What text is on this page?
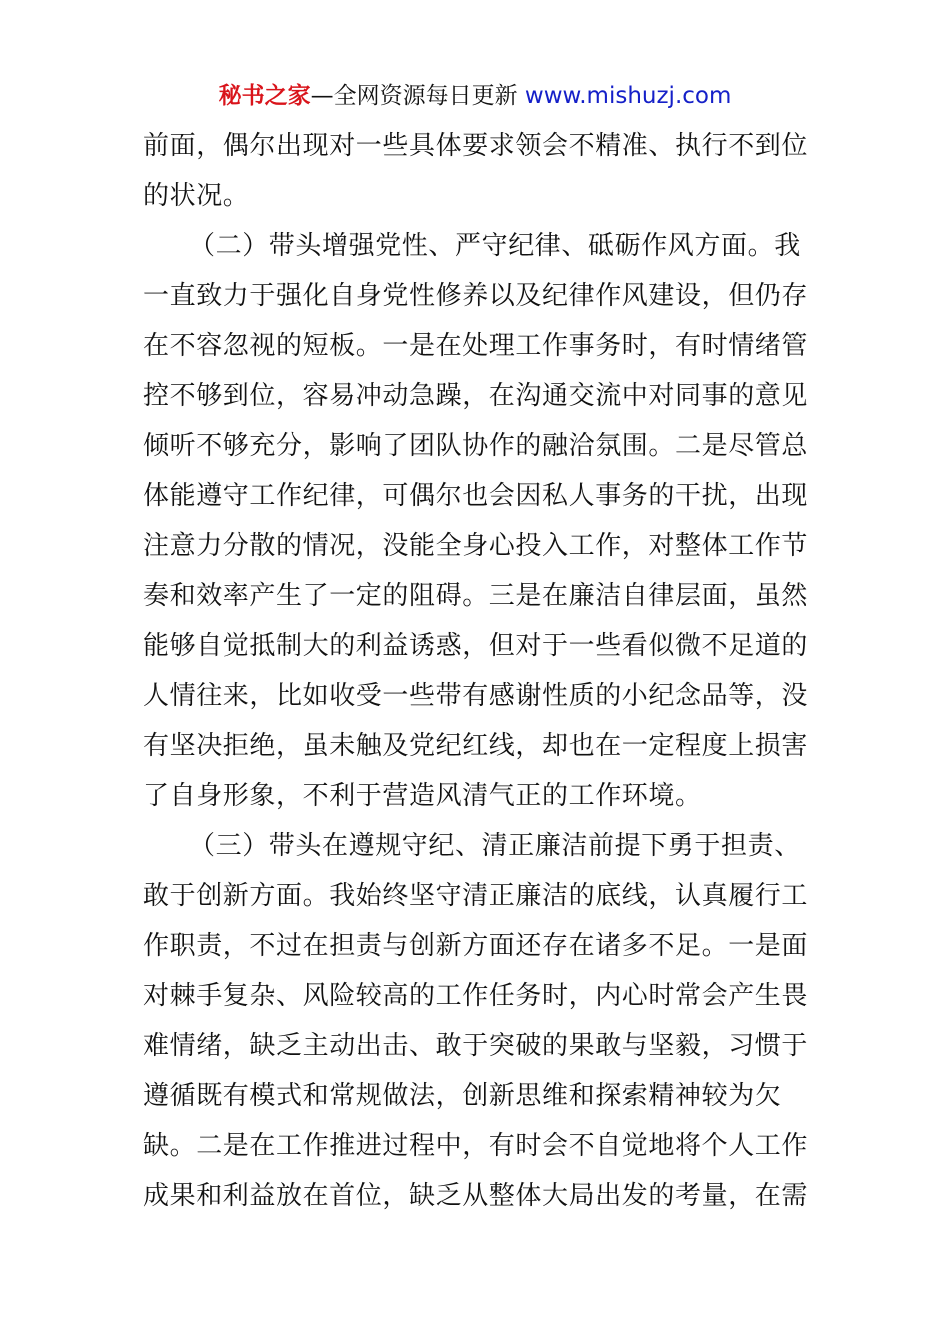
秘书之家—全网资源每日更新 www.mishuzj.com
前面，偶尔出现对一些具体要求领会不精准、执行不到位
的状况。
（二）带头增强党性、严守纪律、砥砺作风方面。我
一直致力于强化自身党性修养以及纪律作风建设，但仍存
在不容忽视的短板。一是在处理工作事务时，有时情绪管
控不够到位，容易冲动急躁，在沟通交流中对同事的意见
倾听不够充分，影响了团队协作的融洽氛围。二是尽管总
体能遵守工作纪律，可偶尔也会因私人事务的干扰，出现
注意力分散的情况，没能全身心投入工作，对整体工作节
奏和效率产生了一定的阻碍。三是在廉洁自律层面，虽然
能够自觉抵制大的利益诱惑，但对于一些看似微不足道的
人情往来，比如收受一些带有感谢性质的小纪念品等，没
有坚决拒绝，虽未触及党纪红线，却也在一定程度上损害
了自身形象，不利于营造风清气正的工作环境。
（三）带头在遵规守纪、清正廉洁前提下勇于担责、
敢于创新方面。我始终坚守清正廉洁的底线，认真履行工
作职责，不过在担责与创新方面还存在诸多不足。一是面
对棘手复杂、风险较高的工作任务时，内心时常会产生畏
难情绪，缺乏主动出击、敢于突破的果敢与坚毅，习惯于
遵循既有模式和常规做法，创新思维和探索精神较为欠
缺。二是在工作推进过程中，有时会不自觉地将个人工作
成果和利益放在首位，缺乏从整体大局出发的考量，在需
